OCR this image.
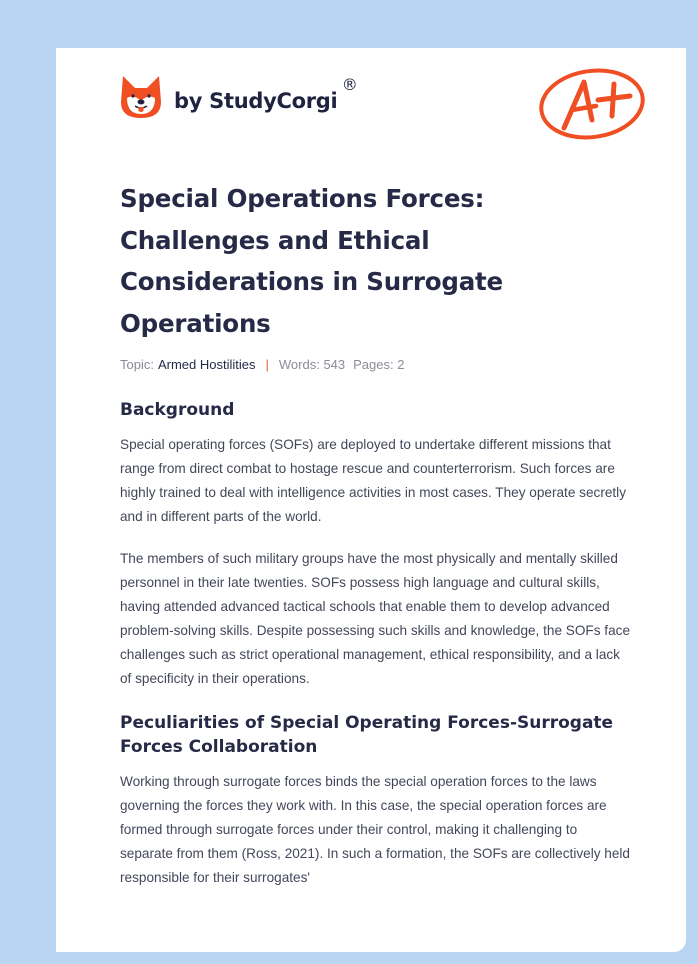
by StudyCorgi
®
Special Operations Forces: Challenges and Ethical Considerations in Surrogate Operations
Topic: Armed Hostilities | Words: 543 Pages: 2
Background

Special operating forces (SOFs) are deployed to undertake different missions that range from direct combat to hostage rescue and counterterrorism. Such forces are highly trained to deal with intelligence activities in most cases. They operate secretly and in different parts of the world.

The members of such military groups have the most physically and mentally skilled personnel in their late twenties. SOFs possess high language and cultural skills, having attended advanced tactical schools that enable them to develop advanced problem-solving skills. Despite possessing such skills and knowledge, the SOFs face challenges such as strict operational management, ethical responsibility, and a lack of specificity in their operations.

Peculiarities of Special Operating Forces-Surrogate Forces Collaboration

Working through surrogate forces binds the special operation forces to the laws governing the forces they work with. In this case, the special operation forces are formed through surrogate forces under their control, making it challenging to separate from them (Ross, 2021). In such a formation, the SOFs are collectively held responsible for their surrogates'
